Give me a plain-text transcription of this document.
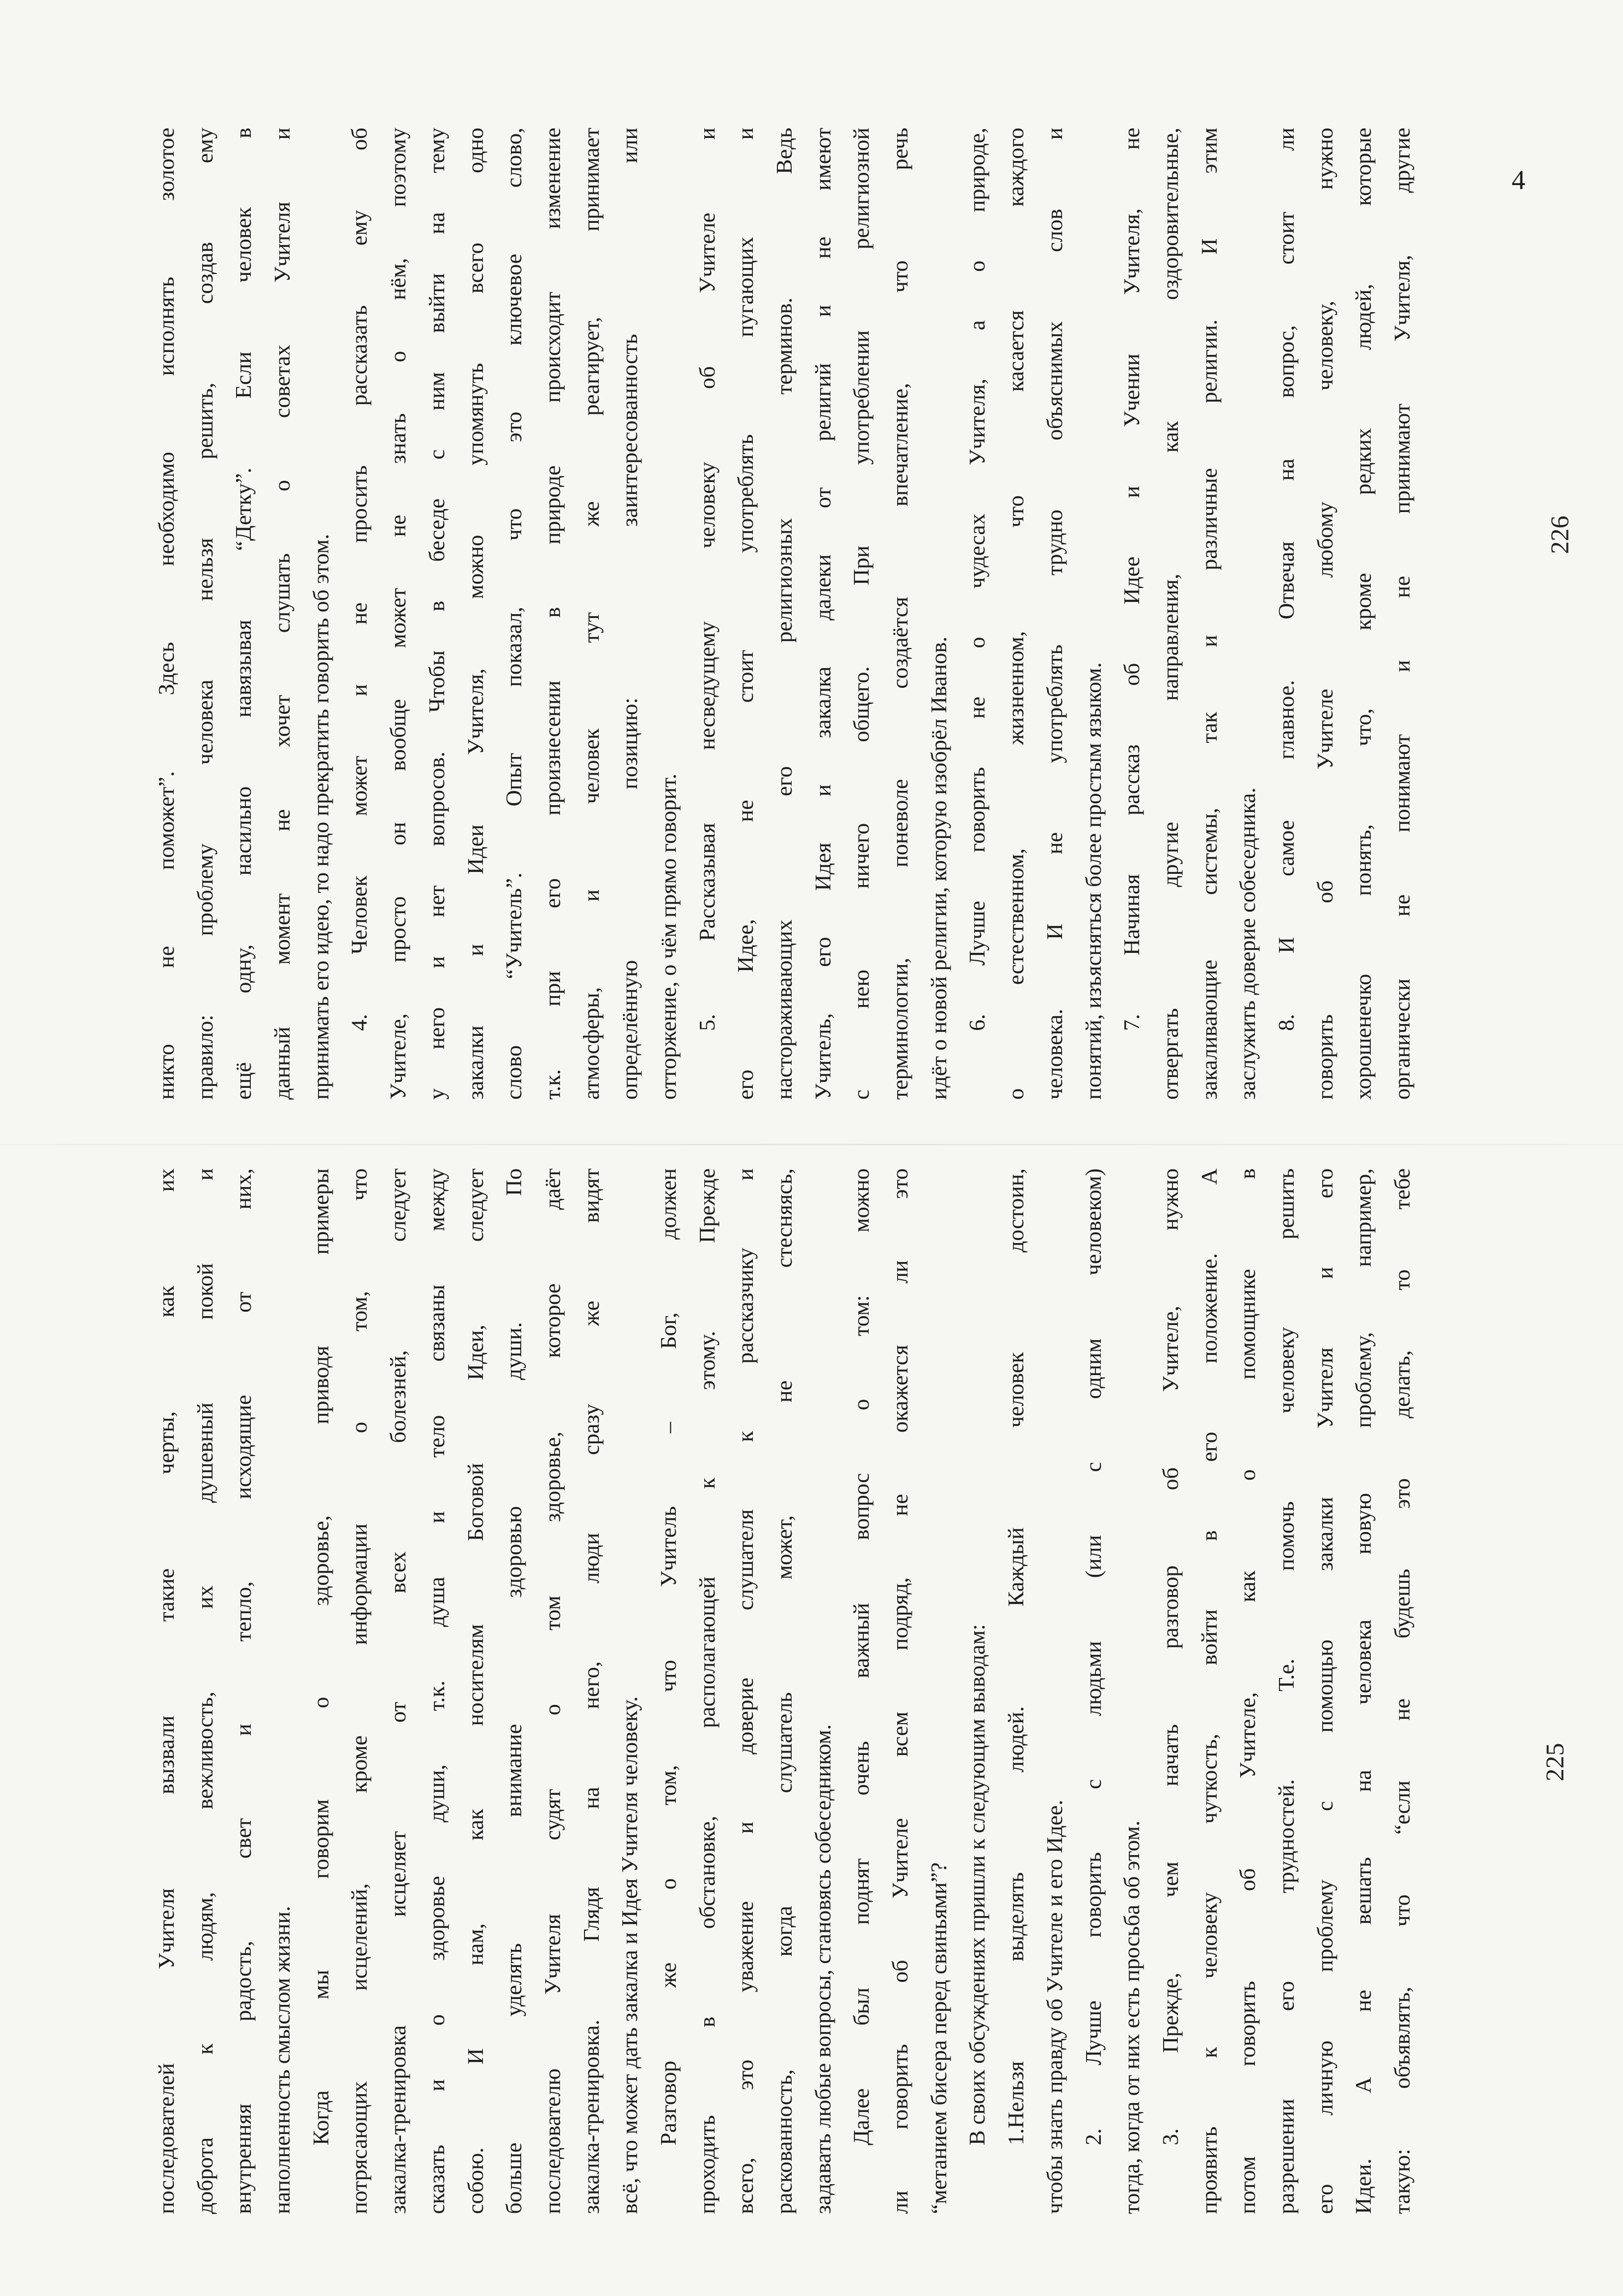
4
никто не поможет”. Здесь необходимо исполнять золотое правило: проблему человека нельзя решить, создав ему ещё одну, насильно навязывая “Детку”. Если человек в данный момент не хочет слушать о советах Учителя и принимать его идею, то надо прекратить говорить об этом. 4. Человек может и не просить рассказать ему об Учителе, просто он вообще может не знать о нём, поэтому у него и нет вопросов. Чтобы в беседе с ним выйти на тему закалки и Идеи Учителя, можно упомянуть всего одно слово “Учитель”. Опыт показал, что это ключевое слово, т.к. при его произнесении в природе происходит изменение атмосферы, и человек тут же реагирует, принимает определённую позицию: заинтересованность или отторжение, о чём прямо говорит. 5. Рассказывая несведущему человеку об Учителе и его Идее, не стоит употреблять пугающих и настораживающих его религиозных терминов. Ведь Учитель, его Идея и закалка далеки от религий и не имеют с нею ничего общего. При употреблении религиозной терминологии, поневоле создаётся впечатление, что речь идёт о новой религии, которую изобрёл Иванов. 6. Лучше говорить не о чудесах Учителя, а о природе, о естественном, жизненном, что касается каждого человека. И не употреблять трудно объяснимых слов и понятий, изъясняться более простым языком. 7. Начиная рассказ об Идее и Учении Учителя, не отвергать другие направления, как оздоровительные, закаливающие системы, так и различные религии. И этим заслужить доверие собеседника. 8. И самое главное. Отвечая на вопрос, стоит ли говорить об Учителе любому человеку, нужно хорошенечко понять, что, кроме редких людей, которые органически не понимают и не принимают Учителя, другие	226
последователей Учителя вызвали такие черты, как их доброта к людям, вежливость, их душевный покой и внутренняя радость, свет и тепло, исходящие от них, наполненность смыслом жизни. Когда мы говорим о здоровье, приводя примеры потрясающих исцелений, кроме информации о том, что закалка-тренировка исцеляет от всех болезней, следует сказать и о здоровье души, т.к. душа и тело связаны между собою. И нам, как носителям Боговой Идеи, следует больше уделять внимание здоровью души. По последователю Учителя судят о том здоровье, которое даёт закалка-тренировка. Глядя на него, люди сразу же видят всё, что может дать закалка и Идея Учителя человеку. Разговор же о том, что Учитель – Бог, должен проходить в обстановке, располагающей к этому. Прежде всего, это уважение и доверие слушателя к рассказчику и раскованность, когда слушатель может, не стесняясь, задавать любые вопросы, становясь собеседником. Далее был поднят очень важный вопрос о том: можно ли говорить об Учителе всем подряд, не окажется ли это “метанием бисера перед свиньями”? В своих обсуждениях пришли к следующим выводам: 1.Нельзя выделять людей. Каждый человек достоин, чтобы знать правду об Учителе и его Идее. 2. Лучше говорить с людьми (или с одним человеком) тогда, когда от них есть просьба об этом. 3. Прежде, чем начать разговор об Учителе, нужно проявить к человеку чуткость, войти в его положение. А потом говорить об Учителе, как о помощнике в разрешении его трудностей. Т.е. помочь человеку решить его личную проблему с помощью закалки Учителя и его Идеи. А не вешать на человека новую проблему, например, такую: объявлять, что “если не будешь это делать, то тебе	225
